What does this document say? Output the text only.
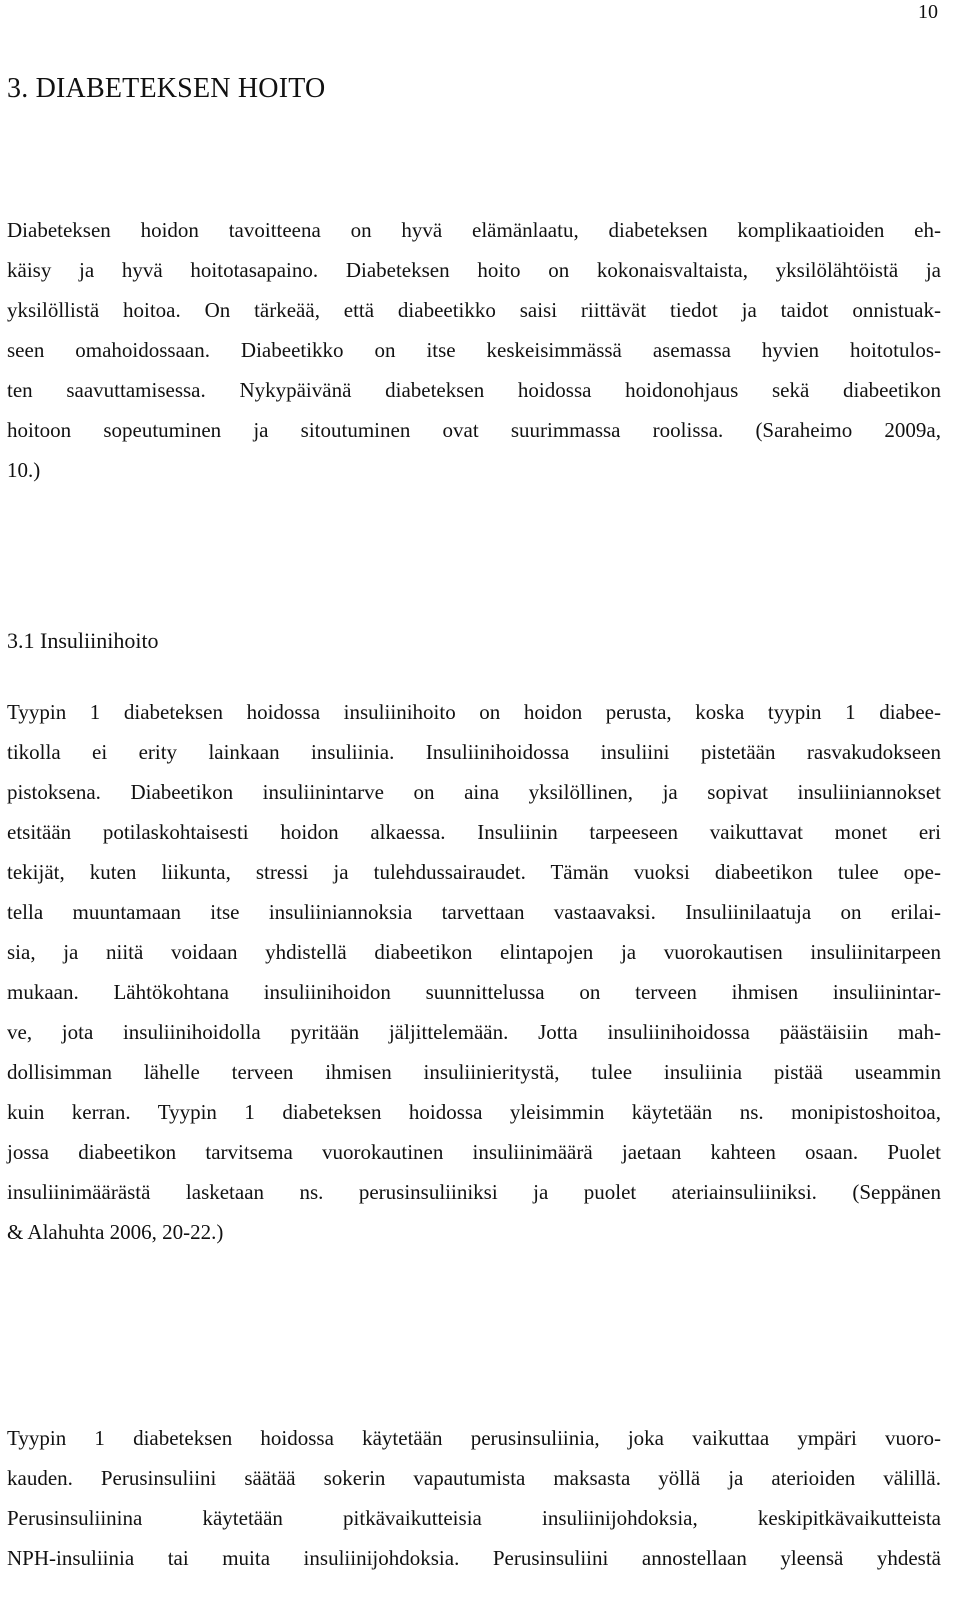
10
3. DIABETEKSEN HOITO
Diabeteksen hoidon tavoitteena on hyvä elämänlaatu, diabeteksen komplikaatioiden eh-
käisy ja hyvä hoitotasapaino. Diabeteksen hoito on kokonaisvaltaista, yksilölähtöistä ja
yksilöllistä hoitoa. On tärkeää, että diabeetikko saisi riittävät tiedot ja taidot onnistuak-
seen omahoidossaan. Diabeetikko on itse keskeisimmässä asemassa hyvien hoitotulos-
ten saavuttamisessa. Nykypäivänä diabeteksen hoidossa hoidonohjaus sekä diabeetikon
hoitoon sopeutuminen ja sitoutuminen ovat suurimmassa roolissa. (Saraheimo 2009a,
10.)
3.1 Insuliinihoito
Tyypin 1 diabeteksen hoidossa insuliinihoito on hoidon perusta, koska tyypin 1 diabee-
tikolla ei erity lainkaan insuliinia. Insuliinihoidossa insuliini pistetään rasvakudokseen
pistoksena. Diabeetikon insuliinintarve on aina yksilöllinen, ja sopivat insuliiniannokset
etsitään potilaskohtaisesti hoidon alkaessa. Insuliinin tarpeeseen vaikuttavat monet eri
tekijät, kuten liikunta, stressi ja tulehdussairaudet. Tämän vuoksi diabeetikon tulee ope-
tella muuntamaan itse insuliiniannoksia tarvettaan vastaavaksi. Insuliinilaatuja on erilai-
sia, ja niitä voidaan yhdistellä diabeetikon elintapojen ja vuorokautisen insuliinitarpeen
mukaan. Lähtökohtana insuliinihoidon suunnittelussa on terveen ihmisen insuliinintar-
ve, jota insuliinihoidolla pyritään jäljittelemään. Jotta insuliinihoidossa päästäisiin mah-
dollisimman lähelle terveen ihmisen insuliinieritystä, tulee insuliinia pistää useammin
kuin kerran. Tyypin 1 diabeteksen hoidossa yleisimmin käytetään ns. monipistoshoitoa,
jossa diabeetikon tarvitsema vuorokautinen insuliinimäärä jaetaan kahteen osaan. Puolet
insuliinimäärästä lasketaan ns. perusinsuliiniksi ja puolet ateriainsuliiniksi. (Seppänen
& Alahuhta 2006, 20-22.)
Tyypin 1 diabeteksen hoidossa käytetään perusinsuliinia, joka vaikuttaa ympäri vuoro-
kauden. Perusinsuliini säätää sokerin vapautumista maksasta yöllä ja aterioiden välillä.
Perusinsuliinina käytetään pitkävaikutteisia insuliinijohdoksia, keskipitkävaikutteista
NPH-insuliinia tai muita insuliinijohdoksia. Perusinsuliini annostellaan yleensä yhdestä
